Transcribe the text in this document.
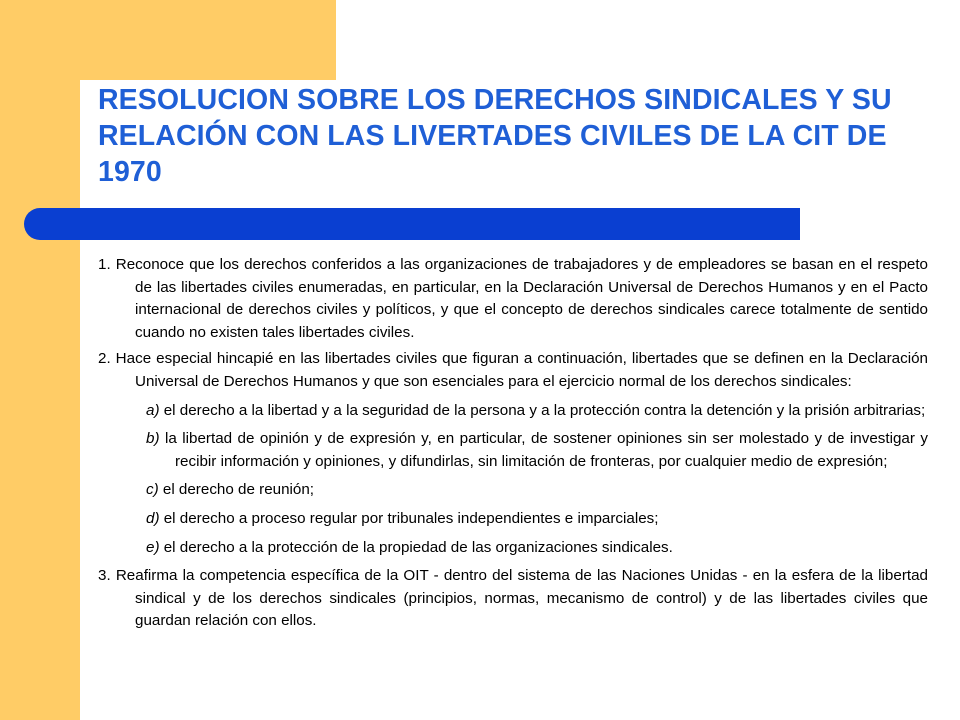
RESOLUCION SOBRE LOS DERECHOS SINDICALES Y SU RELACIÓN CON LAS LIVERTADES CIVILES DE LA CIT DE 1970

1. Reconoce que los derechos conferidos a las organizaciones de trabajadores y de empleadores se basan en el respeto de las libertades civiles enumeradas, en particular, en la Declaración Universal de Derechos Humanos y en el Pacto internacional de derechos civiles y políticos, y que el concepto de derechos sindicales carece totalmente de sentido cuando no existen tales libertades civiles.

2. Hace especial hincapié en las libertades civiles que figuran a continuación, libertades que se definen en la Declaración Universal de Derechos Humanos y que son esenciales para el ejercicio normal de los derechos sindicales:

a) el derecho a la libertad y a la seguridad de la persona y a la protección contra la detención y la prisión arbitrarias;

b) la libertad de opinión y de expresión y, en particular, de sostener opiniones sin ser molestado y de investigar y recibir información y opiniones, y difundirlas, sin limitación de fronteras, por cualquier medio de expresión;

c) el derecho de reunión;

d) el derecho a proceso regular por tribunales independientes e imparciales;

e) el derecho a la protección de la propiedad de las organizaciones sindicales.

3. Reafirma la competencia específica de la OIT - dentro del sistema de las Naciones Unidas - en la esfera de la libertad sindical y de los derechos sindicales (principios, normas, mecanismo de control) y de las libertades civiles que guardan relación con ellos.
